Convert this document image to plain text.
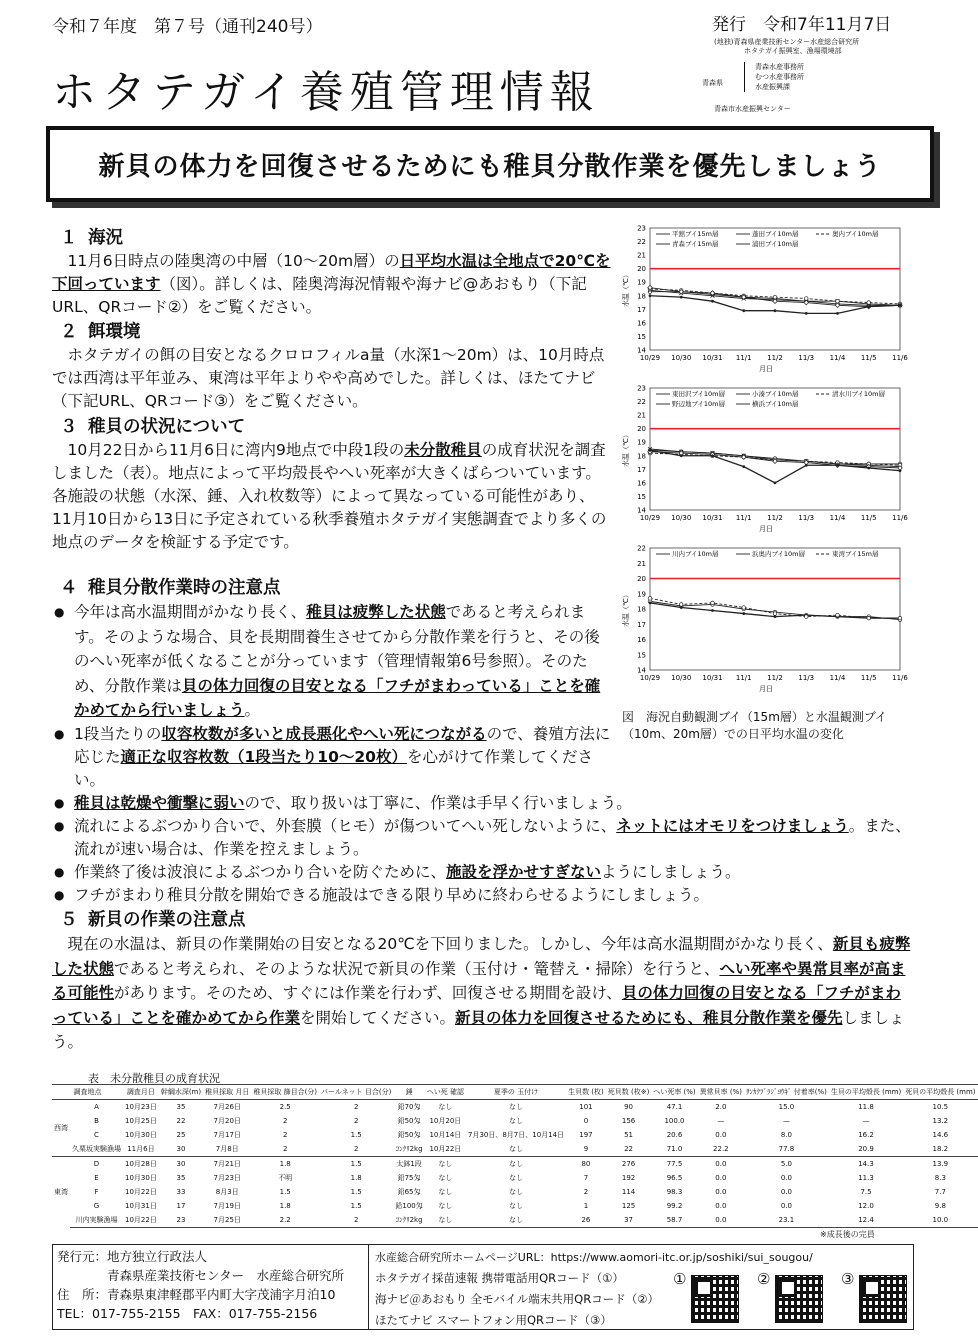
令和７年度　第７号（通刊240号）	発行　令和7年11月7日
(地独)青森県産業技術センター水産総合研究所
ホタテガイ振興室、漁場環境部
青森県
青森水産事務所
むつ水産事務所
水産振興課
青森市水産振興センター
ホタテガイ養殖管理情報
新貝の体力を回復させるためにも稚貝分散作業を優先しましょう
１ 海況
11月6日時点の陸奥湾の中層（10～20m層）の日平均水温は全地点で20℃を下回っています（図）。詳しくは、陸奥湾海況情報や海ナビ@あおもり（下記URL、QRコード②）をご覧ください。
２ 餌環境
ホタテガイの餌の目安となるクロロフィルa量（水深1～20m）は、10月時点では西湾は平年並み、東湾は平年よりやや高めでした。詳しくは、ほたてナビ（下記URL、QRコード③）をご覧ください。
３ 稚貝の状況について
10月22日から11月6日に湾内9地点で中段1段の未分散稚貝の成育状況を調査しました（表）。地点によって平均殻長やへい死率が大きくばらついています。各施設の状態（水深、錘、入れ枚数等）によって異なっている可能性があり、11月10日から13日に予定されている秋季養殖ホタテガイ実態調査でより多くの地点のデータを検証する予定です。
４ 稚貝分散作業時の注意点
● 今年は高水温期間がかなり長く、稚貝は疲弊した状態であると考えられます。そのような場合、貝を長期間養生させてから分散作業を行うと、その後のへい死率が低くなることが分っています（管理情報第6号参照）。そのため、分散作業は貝の体力回復の目安となる「フチがまわっている」ことを確かめてから行いましょう。
● 1段当たりの収容枚数が多いと成長悪化やへい死につながるので、養殖方法に応じた適正な収容枚数（1段当たり10～20枚）を心がけて作業してください。
● 稚貝は乾燥や衝撃に弱いので、取り扱いは丁寧に、作業は手早く行いましょう。
● 流れによるぶつかり合いで、外套膜（ヒモ）が傷ついてへい死しないように、ネットにはオモリをつけましょう。また、流れが速い場合は、作業を控えましょう。
● 作業終了後は波浪によるぶつかり合いを防ぐために、施設を浮かせすぎないようにしましょう。
● フチがまわり稚貝分散を開始できる施設はできる限り早めに終わらせるようにしましょう。
５ 新貝の作業の注意点
現在の水温は、新貝の作業開始の目安となる20℃を下回りました。しかし、今年は高水温期間がかなり長く、新貝も疲弊した状態であると考えられ、そのような状況で新貝の作業（玉付け・篭替え・掃除）を行うと、へい死率や異常貝率が高まる可能性があります。そのため、すぐには作業を行わず、回復させる期間を設け、貝の体力回復の目安となる「フチがまわっている」ことを確かめてから作業を開始してください。新貝の体力を回復させるためにも、稚貝分散作業を優先しましょう。
14
15
16
17
18
19
20
21
22
23
10/29 10/30 10/31 11/1 11/2 11/3 11/4 11/5 11/6
月日
水温（℃）
平舘ブイ15m層	蓬田ブイ10m層	奥内ブイ10m層
青森ブイ15m層	浦田ブイ10m層
14
15
16
17
18
19
20
21
22
23
10/29 10/30 10/31 11/1 11/2 11/3 11/4 11/5 11/6
月日
水温（℃）
東田沢ブイ10m層	小湊ブイ10m層	清水川ブイ10m層
野辺地ブイ10m層	横浜ブイ10m層
14
15
16
17
18
19
20
21
22
10/29 10/30 10/31 11/1 11/2 11/3 11/4 11/5 11/6
月日
水温（℃）
川内ブイ10m層	浜奥内ブイ10m層	東湾ブイ15m層
図　海況自動観測ブイ（15m層）と水温観測ブイ（10m、20m層）での日平均水温の変化
表　未分散稚貝の成育状況
調査地点		調査月日	幹綱水深(m)	稚貝採取 月日	稚貝採取 篩目合(分)	パールネット 目合(分)	錘	へい死 確認	夏季の 玉付け	生貝数 (枚)	死貝数 (枚※)	へい死率 (%)	異常貝率 (%)	ｻﾝｶｸﾌﾞﾗｼﾞﾖｳｷﾞ 付着率(%)	生貝の平均殻長 (mm)	死貝の平均殻長 (mm)
西湾	A	10月23日	35	7月26日	2.5	2	鉛70匁	なし	なし	101	90	47.1	2.0	15.0	11.8	10.5
	B	10月25日	22	7月20日	2	2	鉛50匁	10月20日	なし	0	156	100.0	—	—	—	13.2
	C	10月30日	25	7月17日	2	1.5	鉛50匁	10月14日	7月30日、8月7日、10月14日	197	51	20.6	0.0	8.0	16.2	14.6
	久栗坂実験漁場	11月6日	30	7月8日	2	2	ｺﾝｸﾘ2kg	10月22日	なし	9	22	71.0	22.2	77.8	20.9	18.2
東湾	D	10月28日	30	7月21日	1.8	1.5	太鉢1段	なし	なし	80	276	77.5	0.0	5.0	14.3	13.9
	E	10月30日	35	7月23日	不明	1.8	鉛75匁	なし	なし	7	192	96.5	0.0	0.0	11.3	8.3
	F	10月22日	33	8月3日	1.5	1.5	鉛65匁	なし	なし	2	114	98.3	0.0	0.0	7.5	7.7
	G	10月31日	17	7月19日	1.8	1.5	鉛100匁	なし	なし	1	125	99.2	0.0	0.0	12.0	9.8
	川内実験漁場	10月22日	23	7月25日	2.2	2	ｺﾝｸﾘ2kg	なし	なし	26	37	58.7	0.0	23.1	12.4	10.0
※成長後の完員
発行元：地方独立行政法人
　　　　青森県産業技術センター　水産総合研究所
住　所：青森県東津軽郡平内町大字茂浦字月泊10
TEL：017-755-2155　FAX：017-755-2156
水産総合研究所ホームページURL：https://www.aomori-itc.or.jp/soshiki/sui_sougou/
ホタテガイ採苗速報 携帯電話用QRコード（①）
海ナビ＠あおもり 全モバイル端末共用QRコード（②）
ほたてナビ スマートフォン用QRコード（③）
①	②	③
